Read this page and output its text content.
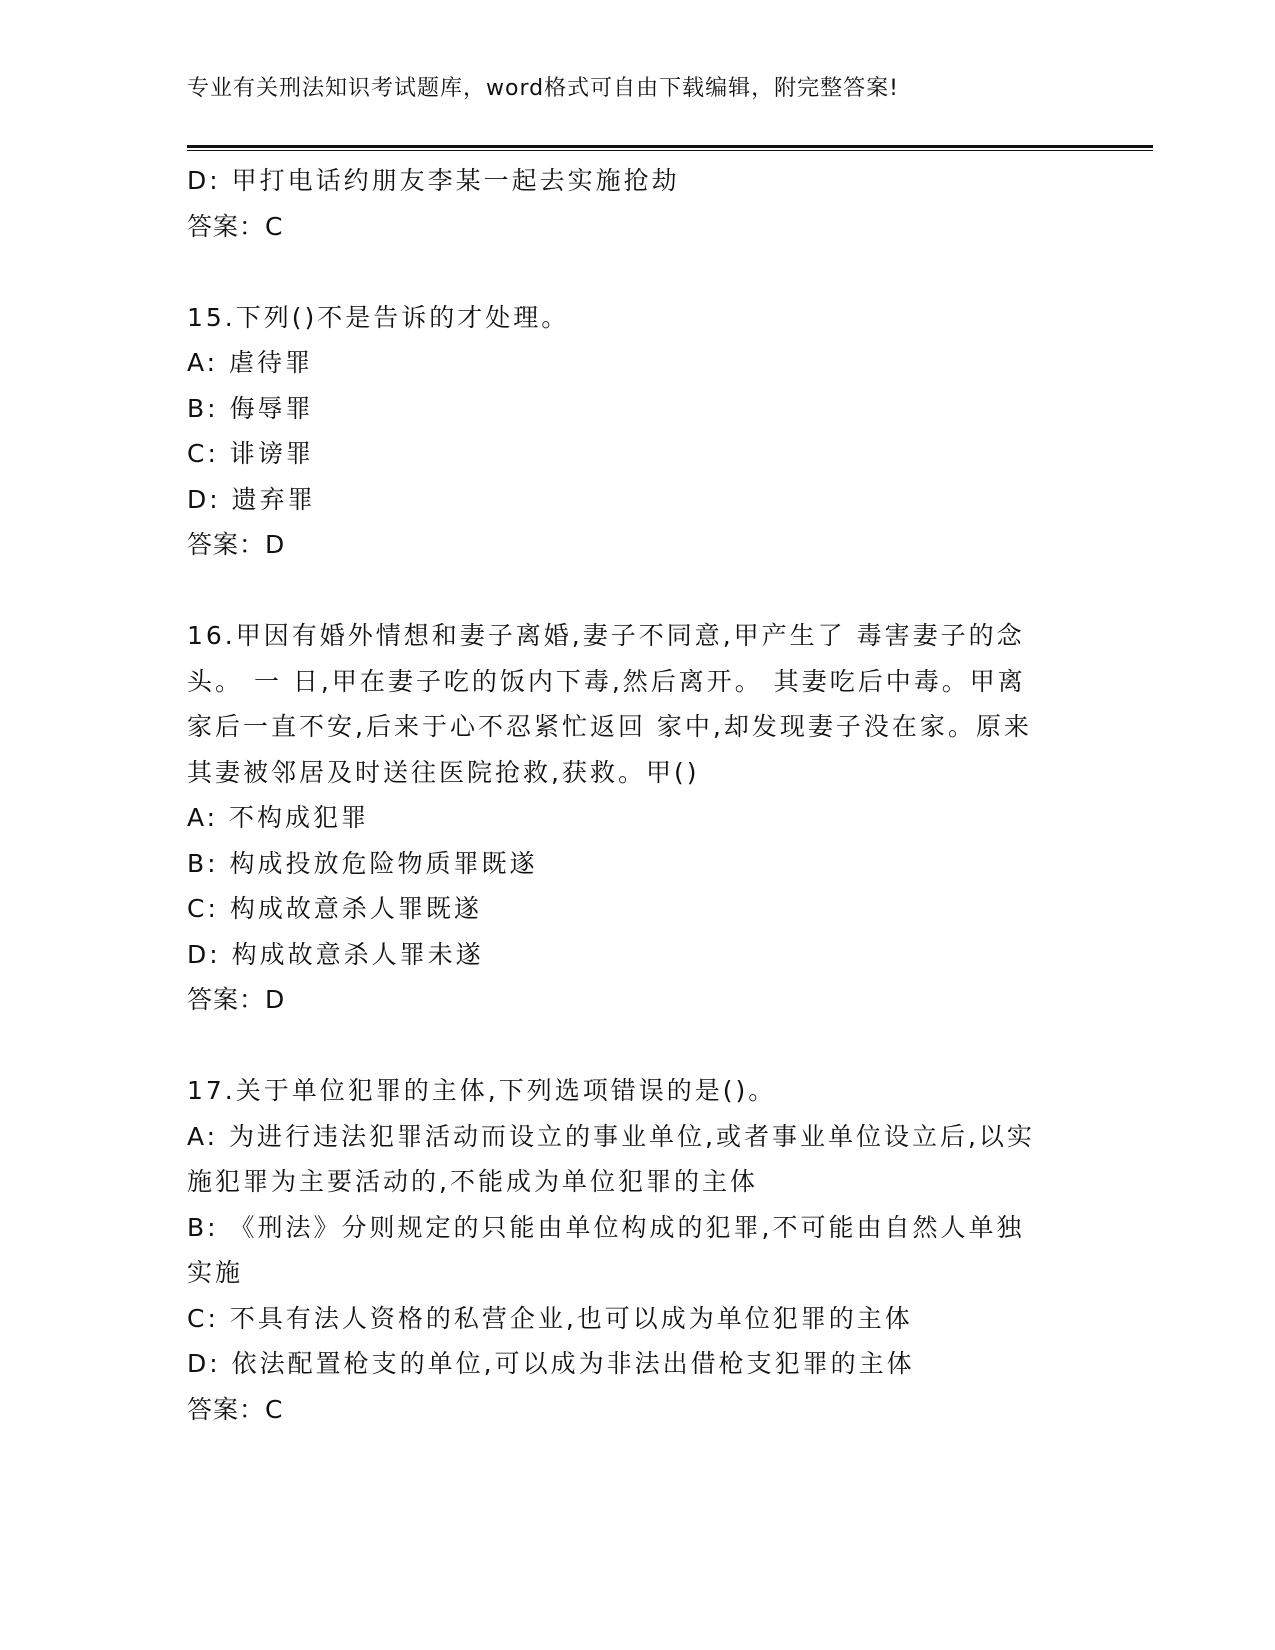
专业有关刑法知识考试题库，word格式可自由下载编辑，附完整答案!
D: 甲打电话约朋友李某一起去实施抢劫
答案：C
15.下列()不是告诉的才处理。
A: 虐待罪
B: 侮辱罪
C: 诽谤罪
D: 遗弃罪
答案：D
16.甲因有婚外情想和妻子离婚,妻子不同意,甲产生了 毒害妻子的念
头。 一 日,甲在妻子吃的饭内下毒,然后离开。 其妻吃后中毒。甲离
家后一直不安,后来于心不忍紧忙返回 家中,却发现妻子没在家。原来
其妻被邻居及时送往医院抢救,获救。甲()
A: 不构成犯罪
B: 构成投放危险物质罪既遂
C: 构成故意杀人罪既遂
D: 构成故意杀人罪未遂
答案：D
17.关于单位犯罪的主体,下列选项错误的是()。
A: 为进行违法犯罪活动而设立的事业单位,或者事业单位设立后,以实
施犯罪为主要活动的,不能成为单位犯罪的主体
B: 《刑法》分则规定的只能由单位构成的犯罪,不可能由自然人单独
实施
C: 不具有法人资格的私营企业,也可以成为单位犯罪的主体
D: 依法配置枪支的单位,可以成为非法出借枪支犯罪的主体
答案：C
